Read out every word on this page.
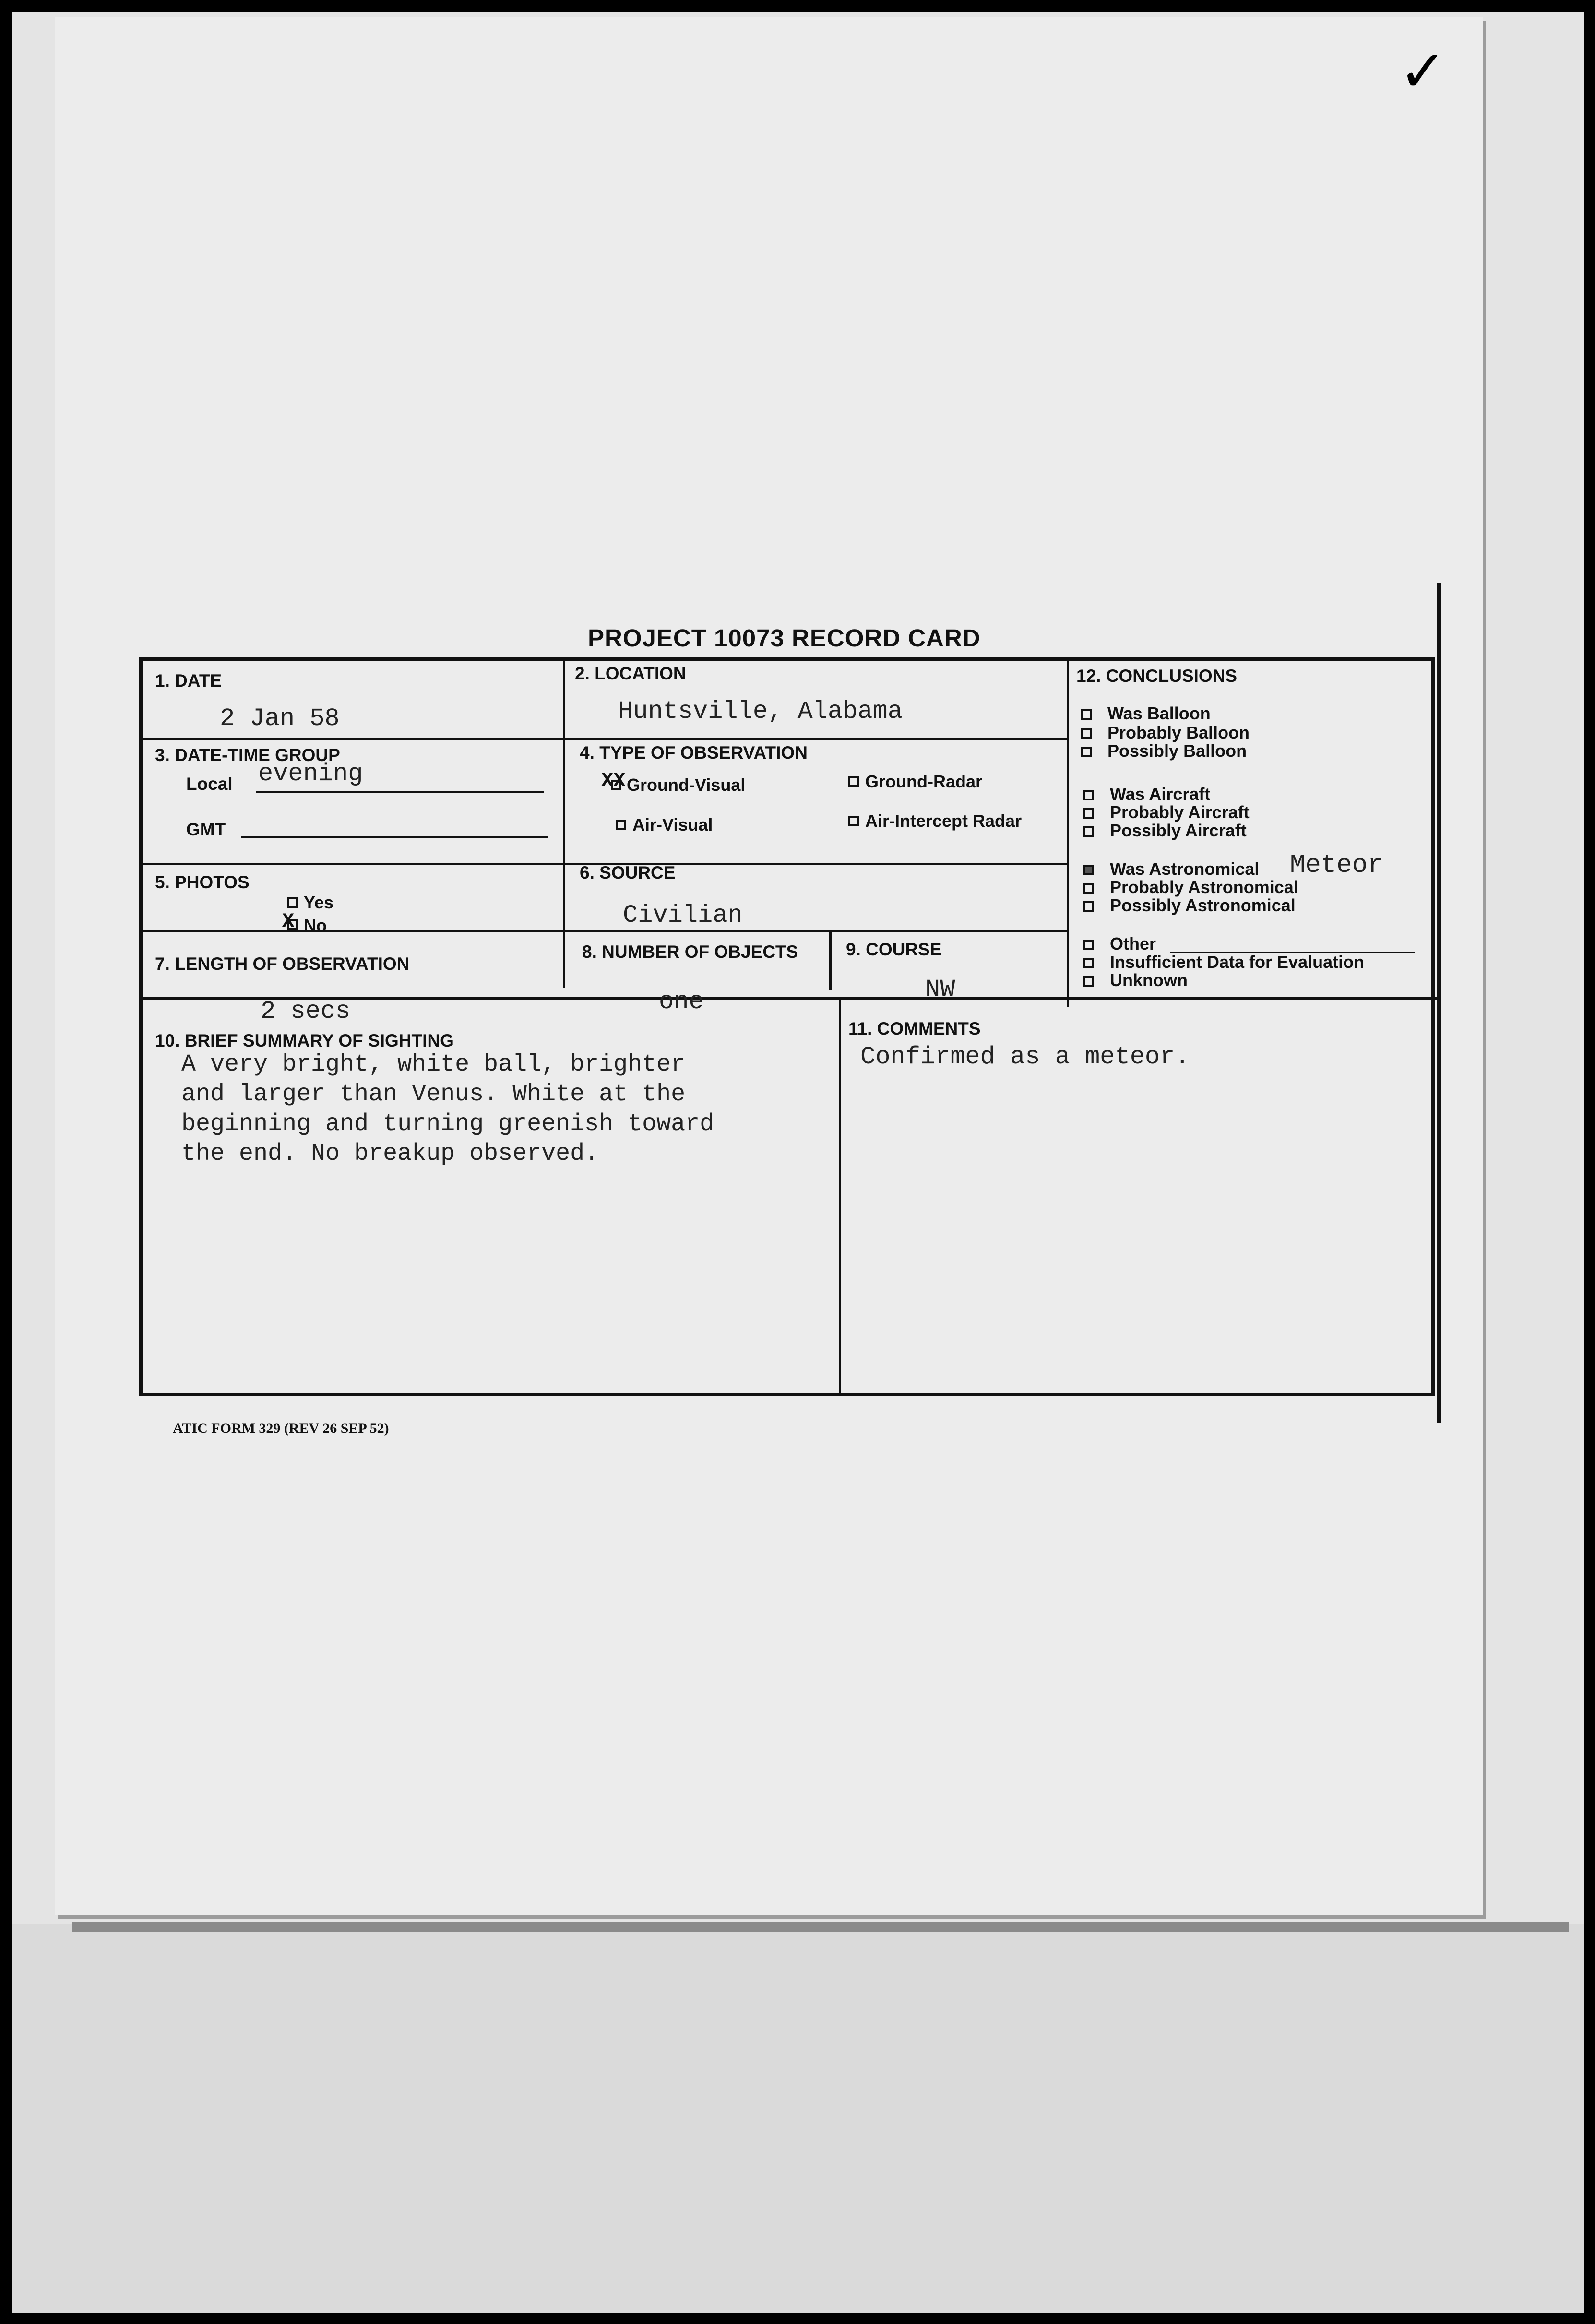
✓
PROJECT 10073 RECORD CARD
1. DATE
2 Jan 58
2. LOCATION
Huntsville, Alabama
3. DATE-TIME GROUP
Local evening
GMT
4. TYPE OF OBSERVATION
XX Ground-Visual	Ground-Radar
Air-Visual	Air-Intercept Radar
5. PHOTOS
Yes
X No
6. SOURCE
Civilian
7. LENGTH OF OBSERVATION
2 secs
8. NUMBER OF OBJECTS
one
9. COURSE
NW
10. BRIEF SUMMARY OF SIGHTING
A very bright, white ball, brighter
and larger than Venus. White at the
beginning and turning greenish toward
the end. No breakup observed.
11. COMMENTS
Confirmed as a meteor.
12. CONCLUSIONS
Was Balloon
Probably Balloon
Possibly Balloon
Was Aircraft
Probably Aircraft
Possibly Aircraft
Was Astronomical Meteor
Probably Astronomical
Possibly Astronomical
Other
Insufficient Data for Evaluation
Unknown
ATIC FORM 329 (REV 26 SEP 52)
